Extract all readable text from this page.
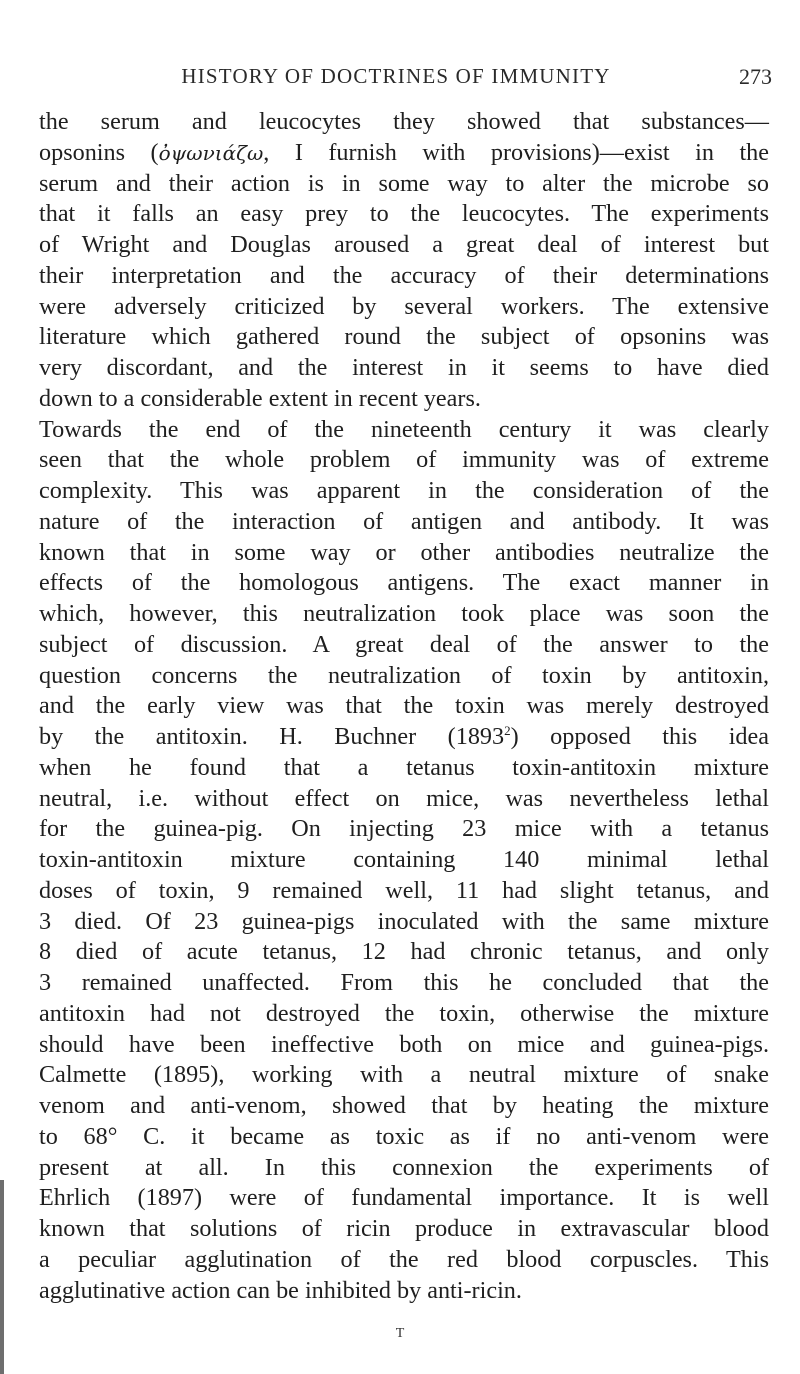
HISTORY OF DOCTRINES OF IMMUNITY	273
the serum and leucocytes they showed that substances—
opsonins (ὀψωνιάζω, I furnish with provisions)—exist in the
serum and their action is in some way to alter the microbe so
that it falls an easy prey to the leucocytes. The experiments
of Wright and Douglas aroused a great deal of interest but
their interpretation and the accuracy of their determinations
were adversely criticized by several workers. The extensive
literature which gathered round the subject of opsonins was
very discordant, and the interest in it seems to have died
down to a considerable extent in recent years.
Towards the end of the nineteenth century it was clearly
seen that the whole problem of immunity was of extreme
complexity. This was apparent in the consideration of the
nature of the interaction of antigen and antibody. It was
known that in some way or other antibodies neutralize the
effects of the homologous antigens. The exact manner in
which, however, this neutralization took place was soon the
subject of discussion. A great deal of the answer to the
question concerns the neutralization of toxin by antitoxin,
and the early view was that the toxin was merely destroyed
by the antitoxin. H. Buchner (1893$^2$) opposed this idea
when he found that a tetanus toxin-antitoxin mixture
neutral, i.e. without effect on mice, was nevertheless lethal
for the guinea-pig. On injecting 23 mice with a tetanus
toxin-antitoxin mixture containing 140 minimal lethal
doses of toxin, 9 remained well, 11 had slight tetanus, and
3 died. Of 23 guinea-pigs inoculated with the same mixture
8 died of acute tetanus, 12 had chronic tetanus, and only
3 remained unaffected. From this he concluded that the
antitoxin had not destroyed the toxin, otherwise the mixture
should have been ineffective both on mice and guinea-pigs.
Calmette (1895), working with a neutral mixture of snake
venom and anti-venom, showed that by heating the mixture
to 68° C. it became as toxic as if no anti-venom were
present at all. In this connexion the experiments of
Ehrlich (1897) were of fundamental importance. It is well
known that solutions of ricin produce in extravascular blood
a peculiar agglutination of the red blood corpuscles. This
agglutinative action can be inhibited by anti-ricin.
T
